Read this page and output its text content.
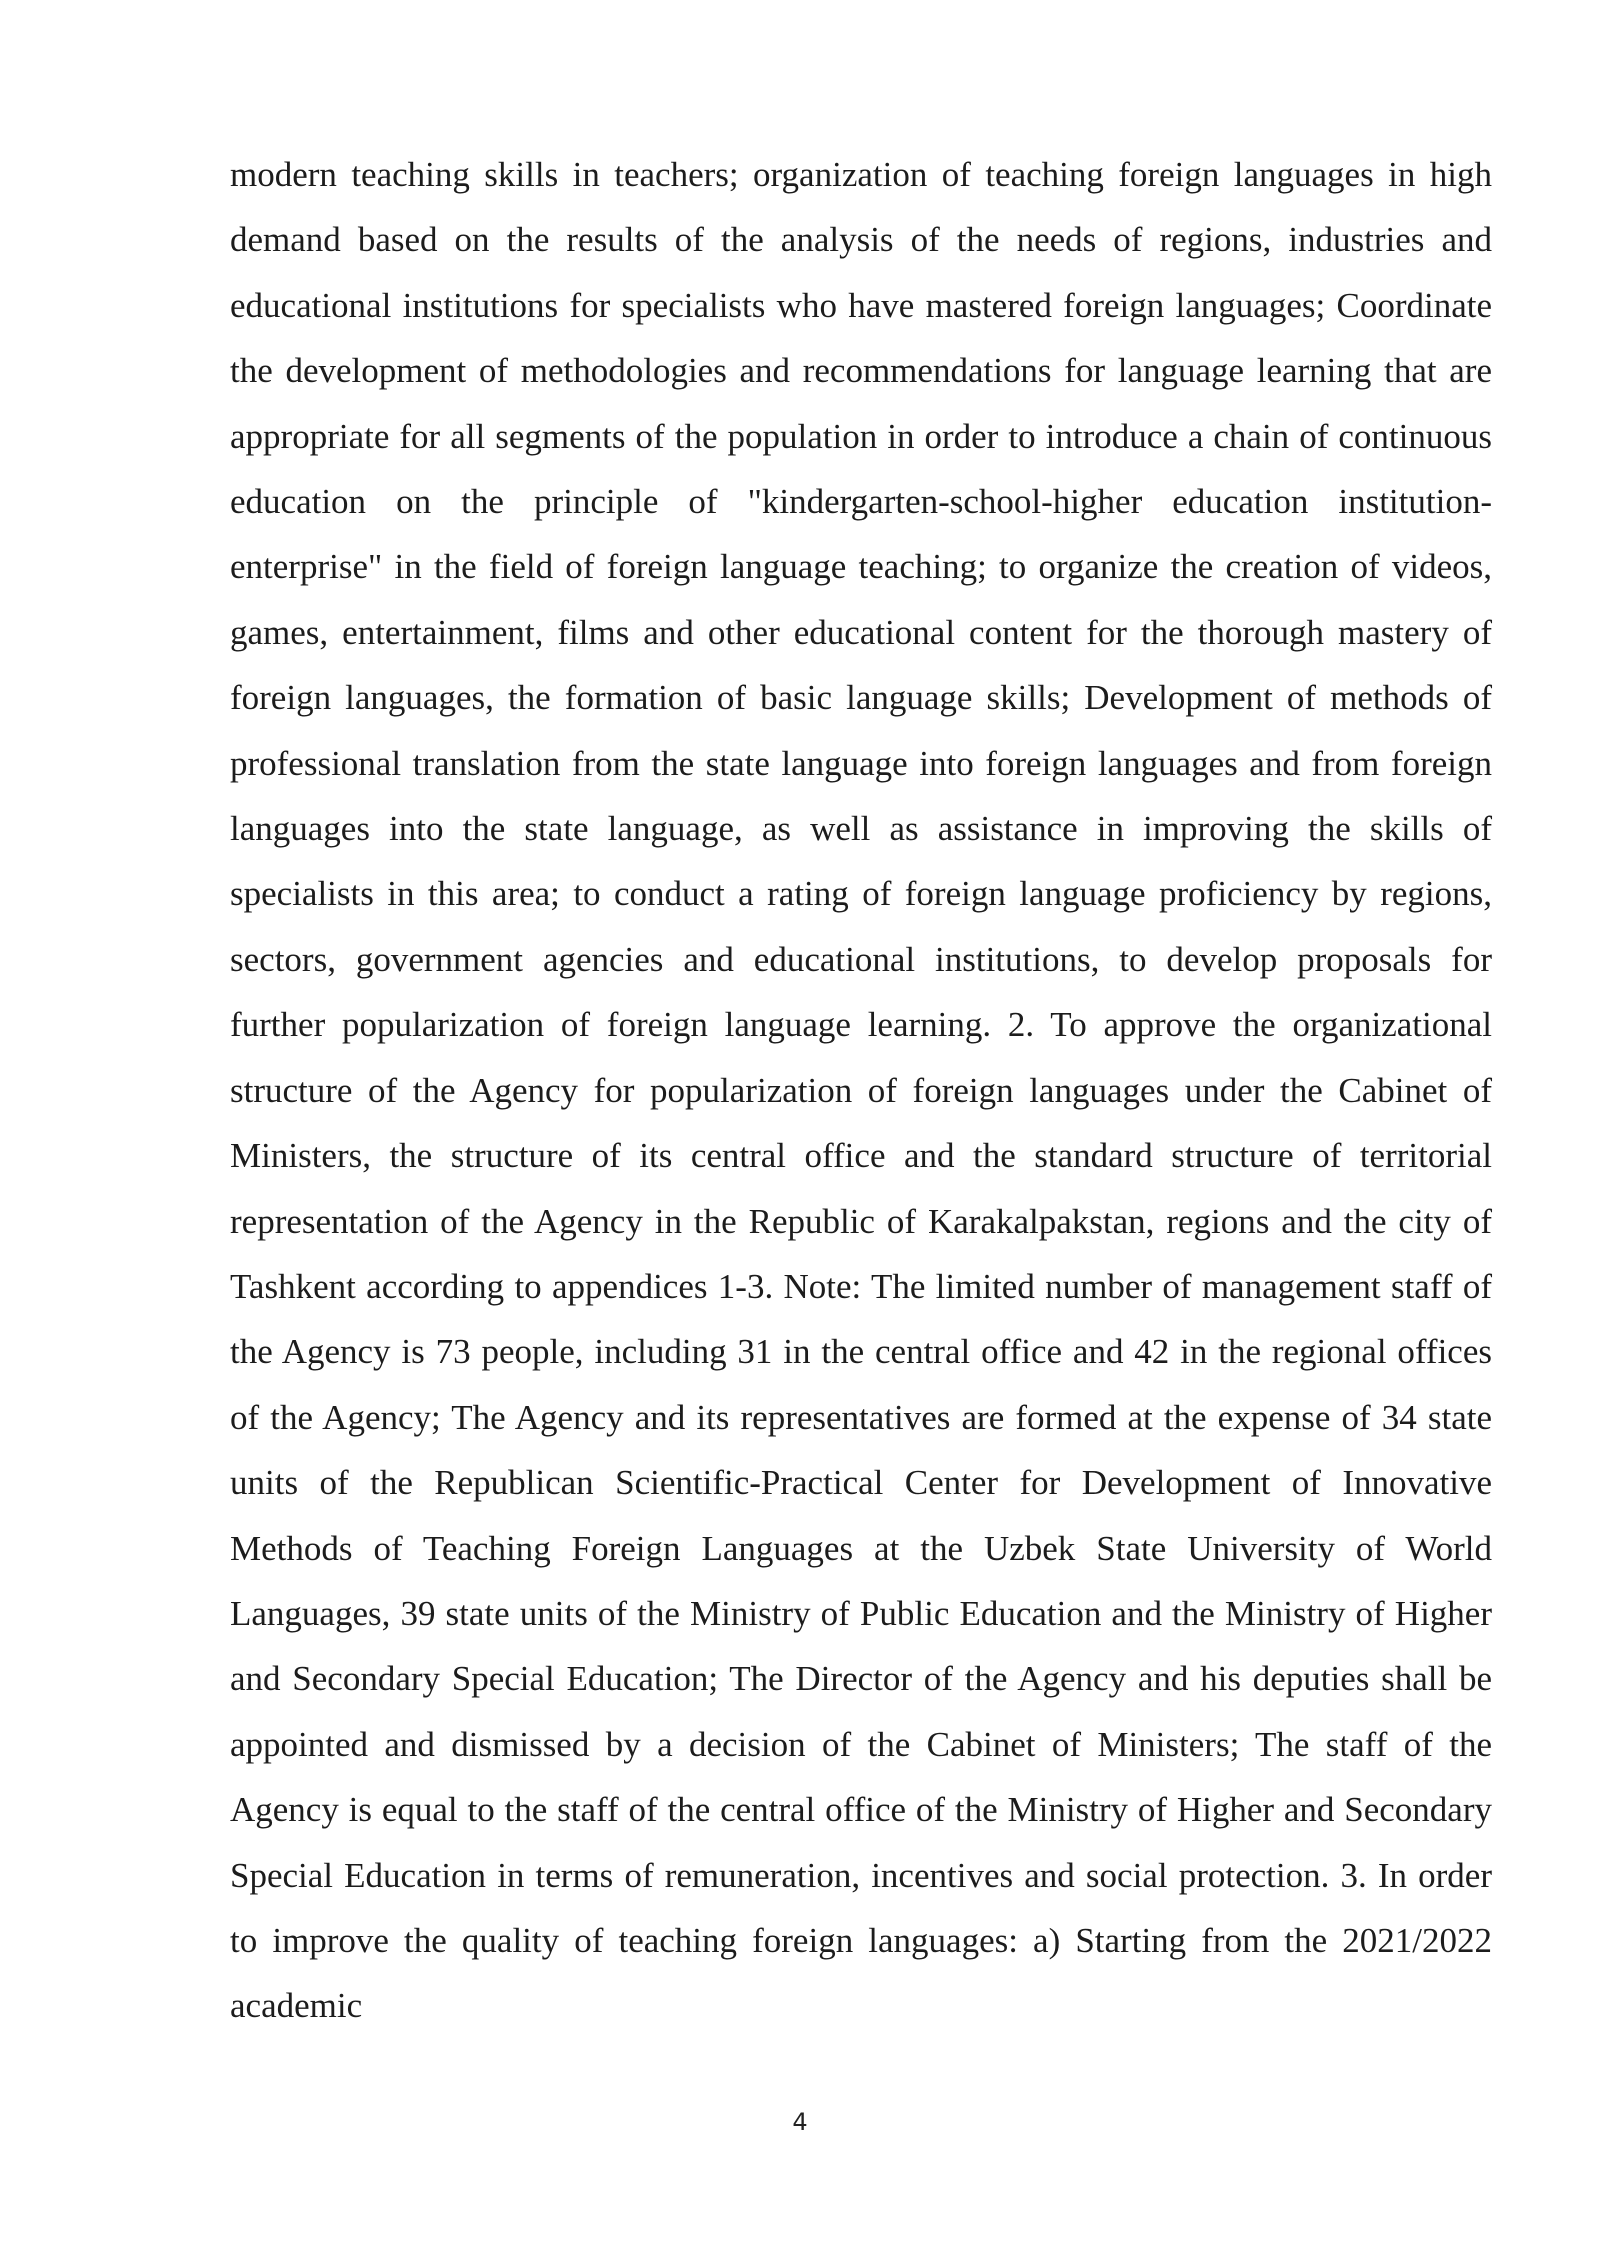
modern teaching skills in teachers; organization of teaching foreign languages in high demand based on the results of the analysis of the needs of regions, industries and educational institutions for specialists who have mastered foreign languages; Coordinate the development of methodologies and recommendations for language learning that are appropriate for all segments of the population in order to introduce a chain of continuous education on the principle of "kindergarten-school-higher education institution-enterprise" in the field of foreign language teaching; to organize the creation of videos, games, entertainment, films and other educational content for the thorough mastery of foreign languages, the formation of basic language skills; Development of methods of professional translation from the state language into foreign languages and from foreign languages into the state language, as well as assistance in improving the skills of specialists in this area; to conduct a rating of foreign language proficiency by regions, sectors, government agencies and educational institutions, to develop proposals for further popularization of foreign language learning. 2. To approve the organizational structure of the Agency for popularization of foreign languages under the Cabinet of Ministers, the structure of its central office and the standard structure of territorial representation of the Agency in the Republic of Karakalpakstan, regions and the city of Tashkent according to appendices 1-3. Note: The limited number of management staff of the Agency is 73 people, including 31 in the central office and 42 in the regional offices of the Agency; The Agency and its representatives are formed at the expense of 34 state units of the Republican Scientific-Practical Center for Development of Innovative Methods of Teaching Foreign Languages at the Uzbek State University of World Languages, 39 state units of the Ministry of Public Education and the Ministry of Higher and Secondary Special Education; The Director of the Agency and his deputies shall be appointed and dismissed by a decision of the Cabinet of Ministers; The staff of the Agency is equal to the staff of the central office of the Ministry of Higher and Secondary Special Education in terms of remuneration, incentives and social protection. 3. In order to improve the quality of teaching foreign languages: a) Starting from the 2021/2022 academic

4
